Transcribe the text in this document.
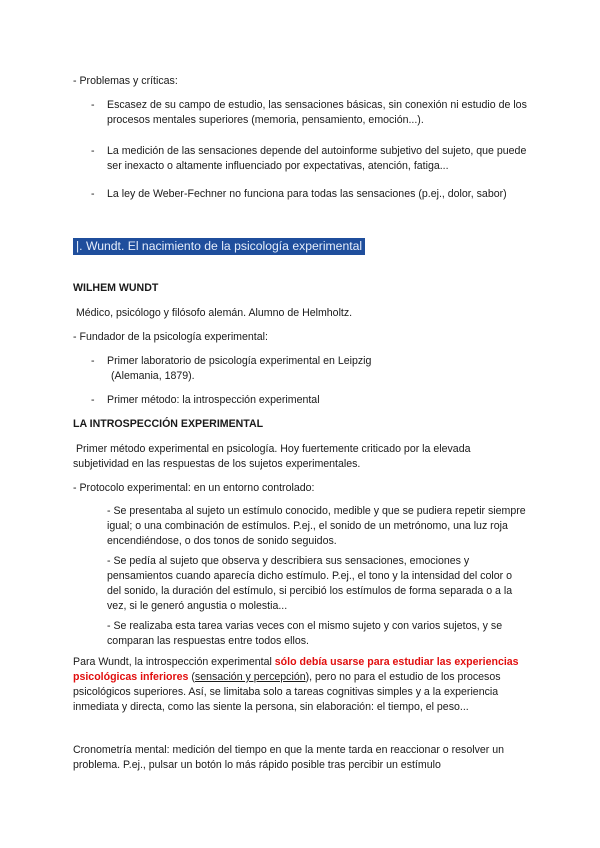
- Problemas y críticas:

- Escasez de su campo de estudio, las sensaciones básicas, sin conexión ni estudio de los procesos mentales superiores (memoria, pensamiento, emoción...).

- La medición de las sensaciones depende del autoinforme subjetivo del sujeto, que puede ser inexacto o altamente influenciado por expectativas, atención, fatiga...

- La ley de Weber-Fechner no funciona para todas las sensaciones (p.ej., dolor, sabor)

|. Wundt. El nacimiento de la psicología experimental

WILHEM WUNDT

Médico, psicólogo y filósofo alemán. Alumno de Helmholtz.

- Fundador de la psicología experimental:

- Primer laboratorio de psicología experimental en Leipzig

(Alemania, 1879).

- Primer método: la introspección experimental

LA INTROSPECCIÓN EXPERIMENTAL

Primer método experimental en psicología. Hoy fuertemente criticado por la elevada subjetividad en las respuestas de los sujetos experimentales.

- Protocolo experimental: en un entorno controlado:

- Se presentaba al sujeto un estímulo conocido, medible y que se pudiera repetir siempre igual; o una combinación de estímulos. P.ej., el sonido de un metrónomo, una luz roja encendiéndose, o dos tonos de sonido seguidos.

- Se pedía al sujeto que observa y describiera sus sensaciones, emociones y pensamientos cuando aparecía dicho estímulo. P.ej., el tono y la intensidad del color o del sonido, la duración del estímulo, si percibió los estímulos de forma separada o a la vez, si le generó angustia o molestia...

- Se realizaba esta tarea varias veces con el mismo sujeto y con varios sujetos, y se comparan las respuestas entre todos ellos.

Para Wundt, la introspección experimental sólo debía usarse para estudiar las experiencias psicológicas inferiores (sensación y percepción), pero no para el estudio de los procesos psicológicos superiores. Así, se limitaba solo a tareas cognitivas simples y a la experiencia inmediata y directa, como las siente la persona, sin elaboración: el tiempo, el peso...

Cronometría mental: medición del tiempo en que la mente tarda en reaccionar o resolver un problema. P.ej., pulsar un botón lo más rápido posible tras percibir un estímulo
